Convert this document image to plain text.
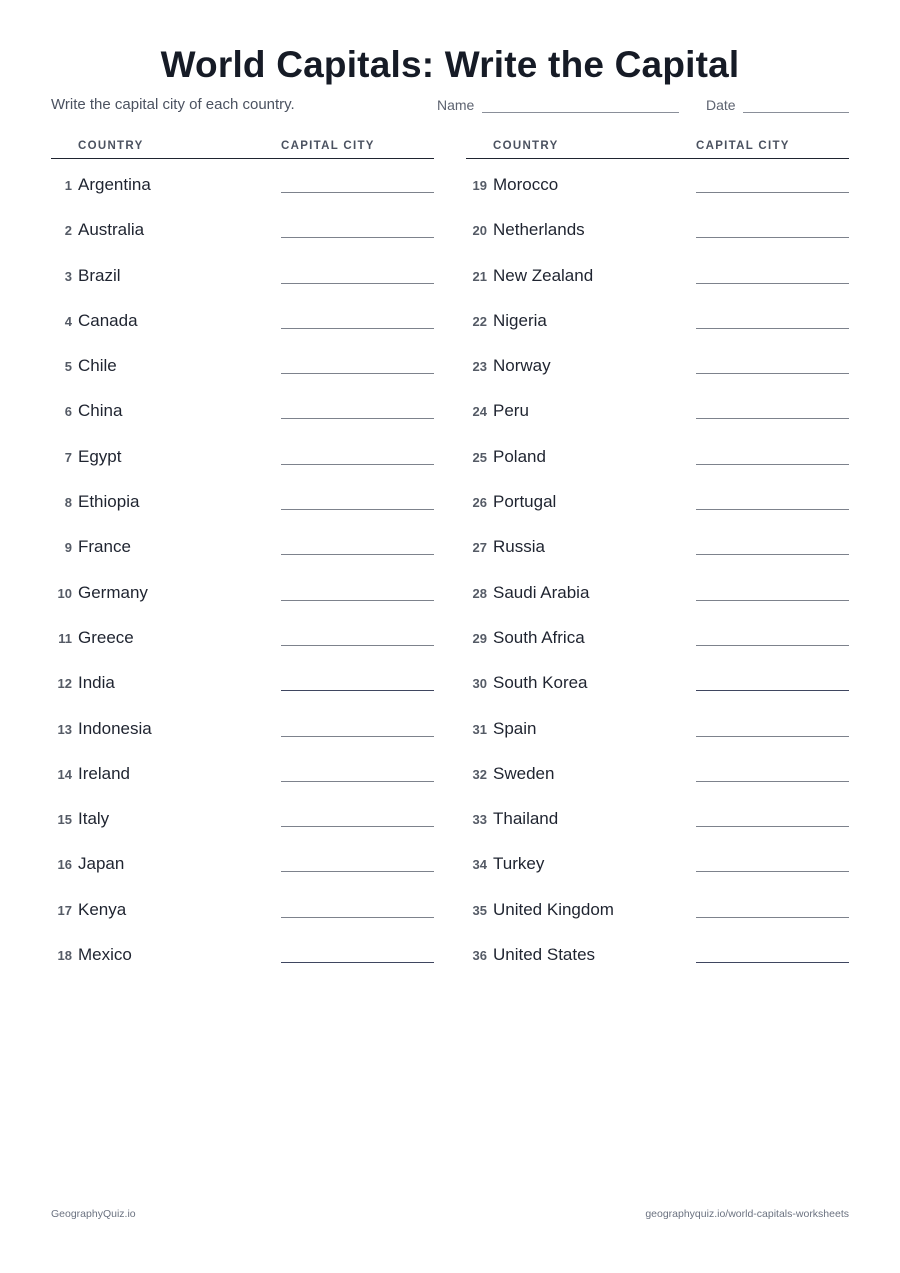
World Capitals: Write the Capital
Write the capital city of each country.	Name	Date
COUNTRY	CAPITAL CITY
1 Argentina
2 Australia
3 Brazil
4 Canada
5 Chile
6 China
7 Egypt
8 Ethiopia
9 France
10 Germany
11 Greece
12 India
13 Indonesia
14 Ireland
15 Italy
16 Japan
17 Kenya
18 Mexico
COUNTRY	CAPITAL CITY
19 Morocco
20 Netherlands
21 New Zealand
22 Nigeria
23 Norway
24 Peru
25 Poland
26 Portugal
27 Russia
28 Saudi Arabia
29 South Africa
30 South Korea
31 Spain
32 Sweden
33 Thailand
34 Turkey
35 United Kingdom
36 United States
GeographyQuiz.io	geographyquiz.io/world-capitals-worksheets
